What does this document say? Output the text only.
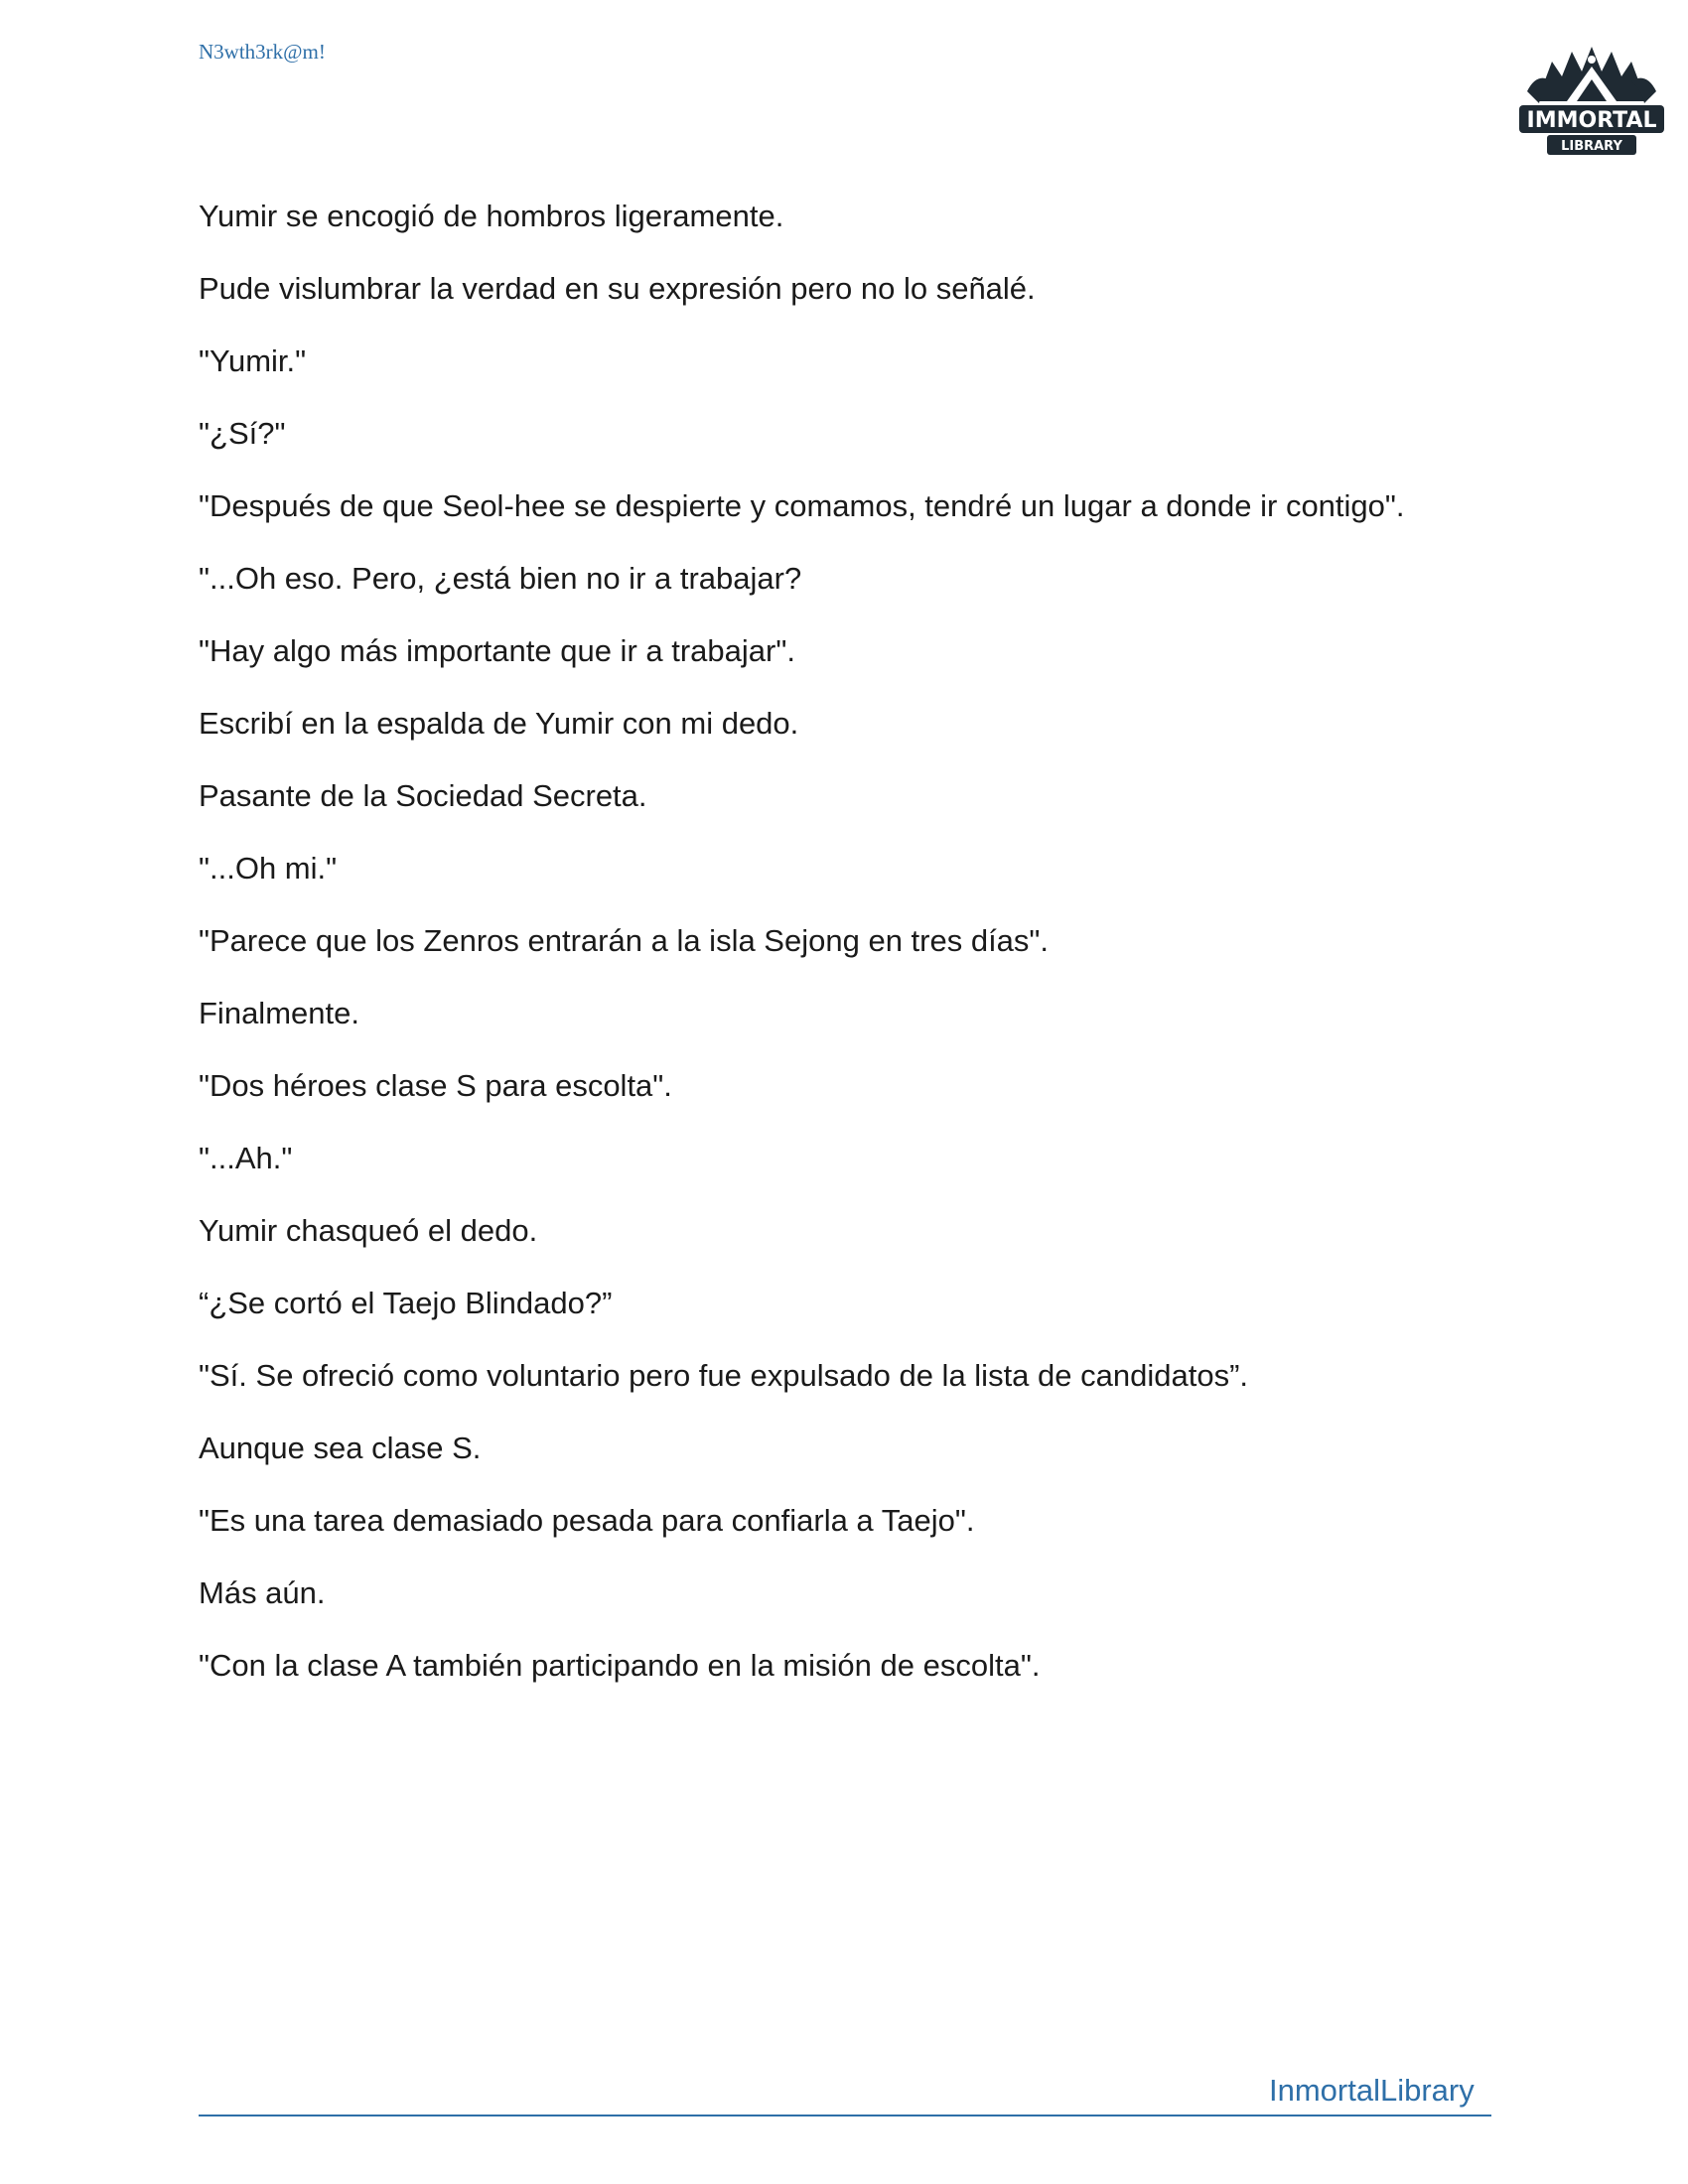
N3wth3rk@m!
IMMORTAL
LIBRARY

Yumir se encogió de hombros ligeramente.

Pude vislumbrar la verdad en su expresión pero no lo señalé.

"Yumir."

"¿Sí?"

"Después de que Seol-hee se despierte y comamos, tendré un lugar a donde ir contigo".

"...Oh eso. Pero, ¿está bien no ir a trabajar?

"Hay algo más importante que ir a trabajar".

Escribí en la espalda de Yumir con mi dedo.

Pasante de la Sociedad Secreta.

"...Oh mi."

"Parece que los Zenros entrarán a la isla Sejong en tres días".

Finalmente.

"Dos héroes clase S para escolta".

"...Ah."

Yumir chasqueó el dedo.

“¿Se cortó el Taejo Blindado?”

"Sí. Se ofreció como voluntario pero fue expulsado de la lista de candidatos”.

Aunque sea clase S.

"Es una tarea demasiado pesada para confiarla a Taejo".

Más aún.

"Con la clase A también participando en la misión de escolta".

InmortalLibrary
